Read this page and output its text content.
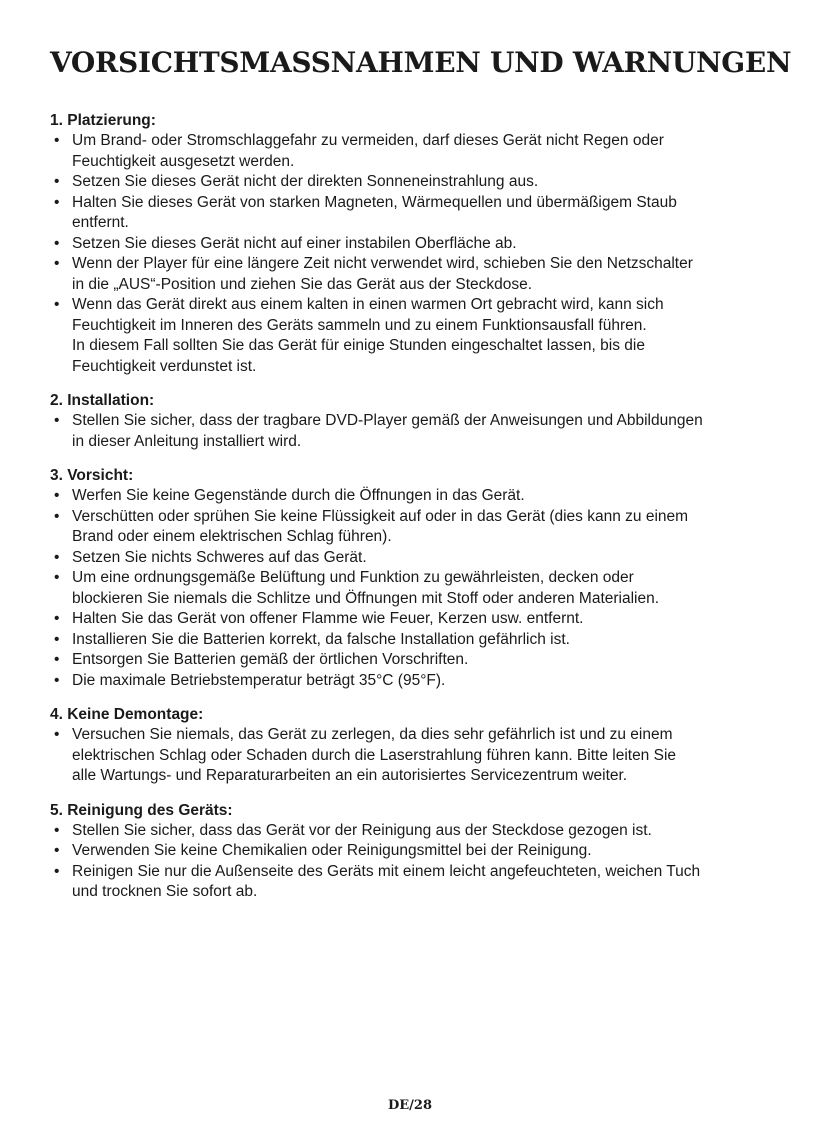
VORSICHTSMASSNAHMEN UND WARNUNGEN
1. Platzierung:
• Um Brand- oder Stromschlaggefahr zu vermeiden, darf dieses Gerät nicht Regen oder
Feuchtigkeit ausgesetzt werden.
• Setzen Sie dieses Gerät nicht der direkten Sonneneinstrahlung aus.
• Halten Sie dieses Gerät von starken Magneten, Wärmequellen und übermäßigem Staub
entfernt.
• Setzen Sie dieses Gerät nicht auf einer instabilen Oberfläche ab.
• Wenn der Player für eine längere Zeit nicht verwendet wird, schieben Sie den Netzschalter
in die „AUS“-Position und ziehen Sie das Gerät aus der Steckdose.
• Wenn das Gerät direkt aus einem kalten in einen warmen Ort gebracht wird, kann sich
Feuchtigkeit im Inneren des Geräts sammeln und zu einem Funktionsausfall führen.
In diesem Fall sollten Sie das Gerät für einige Stunden eingeschaltet lassen, bis die
Feuchtigkeit verdunstet ist.
2. Installation:
• Stellen Sie sicher, dass der tragbare DVD-Player gemäß der Anweisungen und Abbildungen
in dieser Anleitung installiert wird.
3. Vorsicht:
• Werfen Sie keine Gegenstände durch die Öffnungen in das Gerät.
• Verschütten oder sprühen Sie keine Flüssigkeit auf oder in das Gerät (dies kann zu einem
Brand oder einem elektrischen Schlag führen).
• Setzen Sie nichts Schweres auf das Gerät.
• Um eine ordnungsgemäße Belüftung und Funktion zu gewährleisten, decken oder
blockieren Sie niemals die Schlitze und Öffnungen mit Stoff oder anderen Materialien.
• Halten Sie das Gerät von offener Flamme wie Feuer, Kerzen usw. entfernt.
• Installieren Sie die Batterien korrekt, da falsche Installation gefährlich ist.
• Entsorgen Sie Batterien gemäß der örtlichen Vorschriften.
• Die maximale Betriebstemperatur beträgt 35°C (95°F).
4. Keine Demontage:
• Versuchen Sie niemals, das Gerät zu zerlegen, da dies sehr gefährlich ist und zu einem
elektrischen Schlag oder Schaden durch die Laserstrahlung führen kann. Bitte leiten Sie
alle Wartungs- und Reparaturarbeiten an ein autorisiertes Servicezentrum weiter.
5. Reinigung des Geräts:
• Stellen Sie sicher, dass das Gerät vor der Reinigung aus der Steckdose gezogen ist.
• Verwenden Sie keine Chemikalien oder Reinigungsmittel bei der Reinigung.
• Reinigen Sie nur die Außenseite des Geräts mit einem leicht angefeuchteten, weichen Tuch
und trocknen Sie sofort ab.
DE/28
